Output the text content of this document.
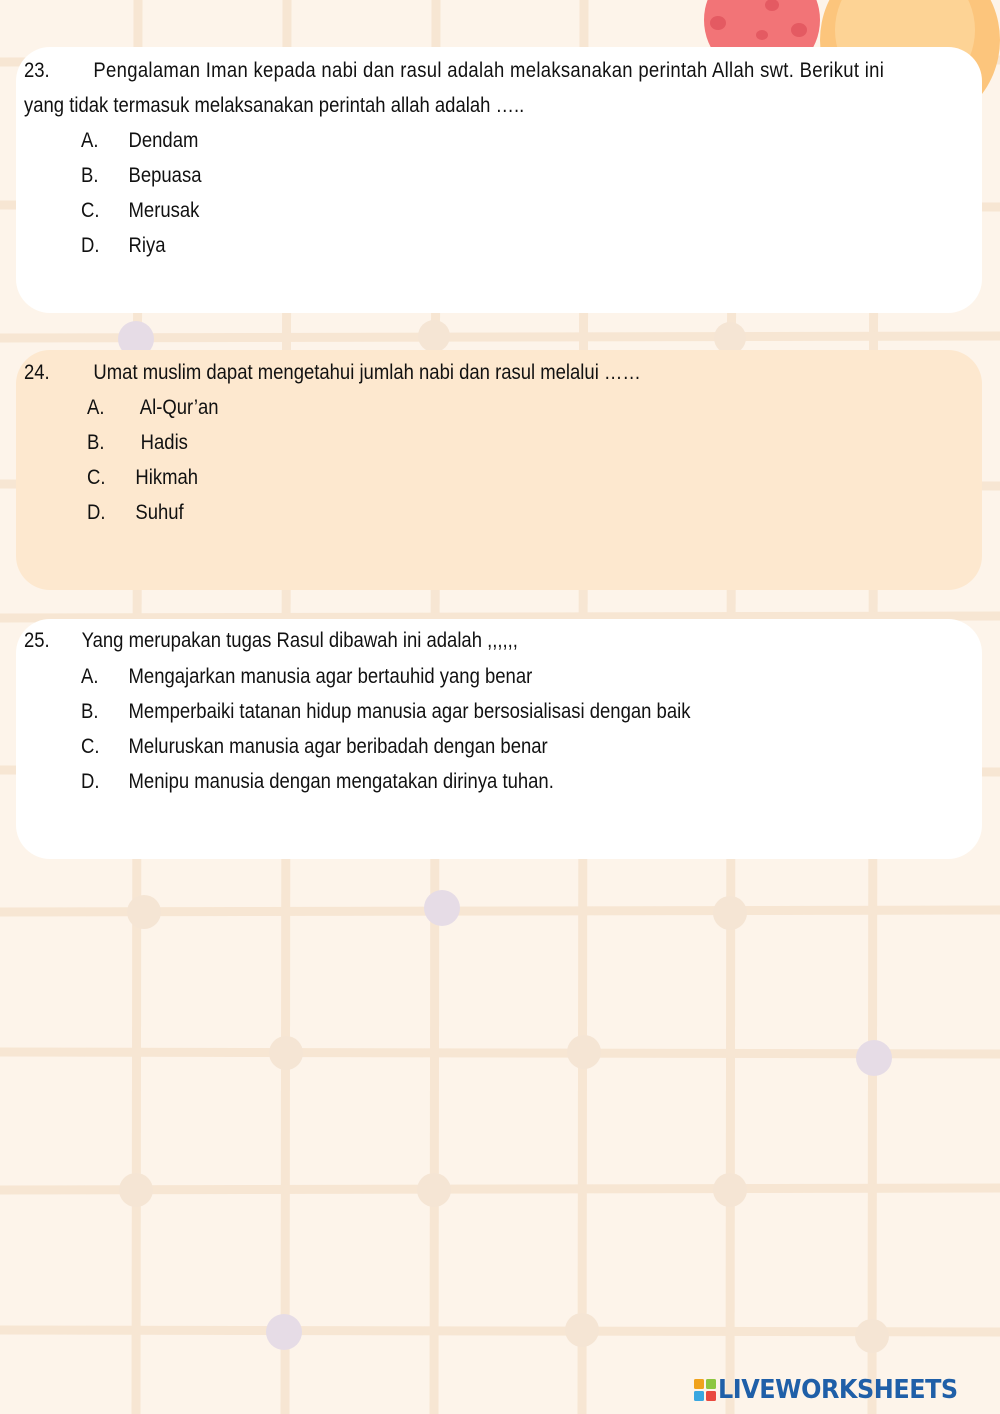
23. Pengalaman Iman kepada nabi dan rasul adalah melaksanakan perintah Allah swt. Berikut ini
yang tidak termasuk melaksanakan perintah allah adalah …..
A. Dendam
B. Bepuasa
C. Merusak
D. Riya
24. Umat muslim dapat mengetahui jumlah nabi dan rasul melalui ……
A. Al-Qur’an
B. Hadis
C. Hikmah
D. Suhuf
25. Yang merupakan tugas Rasul dibawah ini adalah ,,,,,,
A. Mengajarkan manusia agar bertauhid yang benar
B. Memperbaiki tatanan hidup manusia agar bersosialisasi dengan baik
C. Meluruskan manusia agar beribadah dengan benar
D. Menipu manusia dengan mengatakan dirinya tuhan.
LIVEWORKSHEETS
